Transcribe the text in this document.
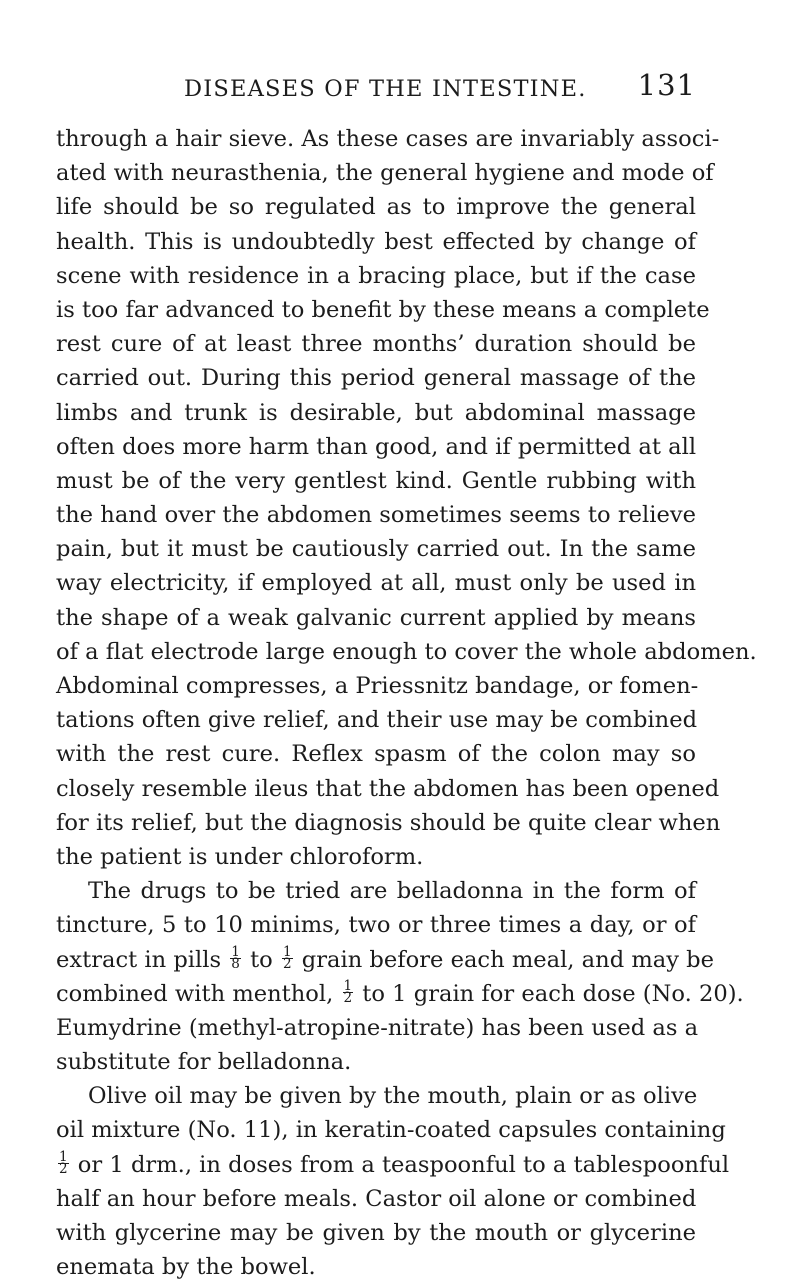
DISEASES OF THE INTESTINE. 131
through a hair sieve. As these cases are invariably associ-
ated with neurasthenia, the general hygiene and mode of
life should be so regulated as to improve the general
health. This is undoubtedly best effected by change of
scene with residence in a bracing place, but if the case
is too far advanced to benefit by these means a complete
rest cure of at least three months’ duration should be
carried out. During this period general massage of the
limbs and trunk is desirable, but abdominal massage
often does more harm than good, and if permitted at all
must be of the very gentlest kind. Gentle rubbing with
the hand over the abdomen sometimes seems to relieve
pain, but it must be cautiously carried out. In the same
way electricity, if employed at all, must only be used in
the shape of a weak galvanic current applied by means
of a flat electrode large enough to cover the whole abdomen.
Abdominal compresses, a Priessnitz bandage, or fomen-
tations often give relief, and their use may be combined
with the rest cure. Reflex spasm of the colon may so
closely resemble ileus that the abdomen has been opened
for its relief, but the diagnosis should be quite clear when
the patient is under chloroform.
The drugs to be tried are belladonna in the form of
tincture, 5 to 10 minims, two or three times a day, or of
extract in pills $\frac{1}{8}$ to $\frac{1}{2}$ grain before each meal, and may be
combined with menthol, $\frac{1}{2}$ to 1 grain for each dose (No. 20).
Eumydrine (methyl-atropine-nitrate) has been used as a
substitute for belladonna.
Olive oil may be given by the mouth, plain or as olive
oil mixture (No. 11), in keratin-coated capsules containing
$\frac{1}{2}$ or 1 drm., in doses from a teaspoonful to a tablespoonful
half an hour before meals. Castor oil alone or combined
with glycerine may be given by the mouth or glycerine
enemata by the bowel.
